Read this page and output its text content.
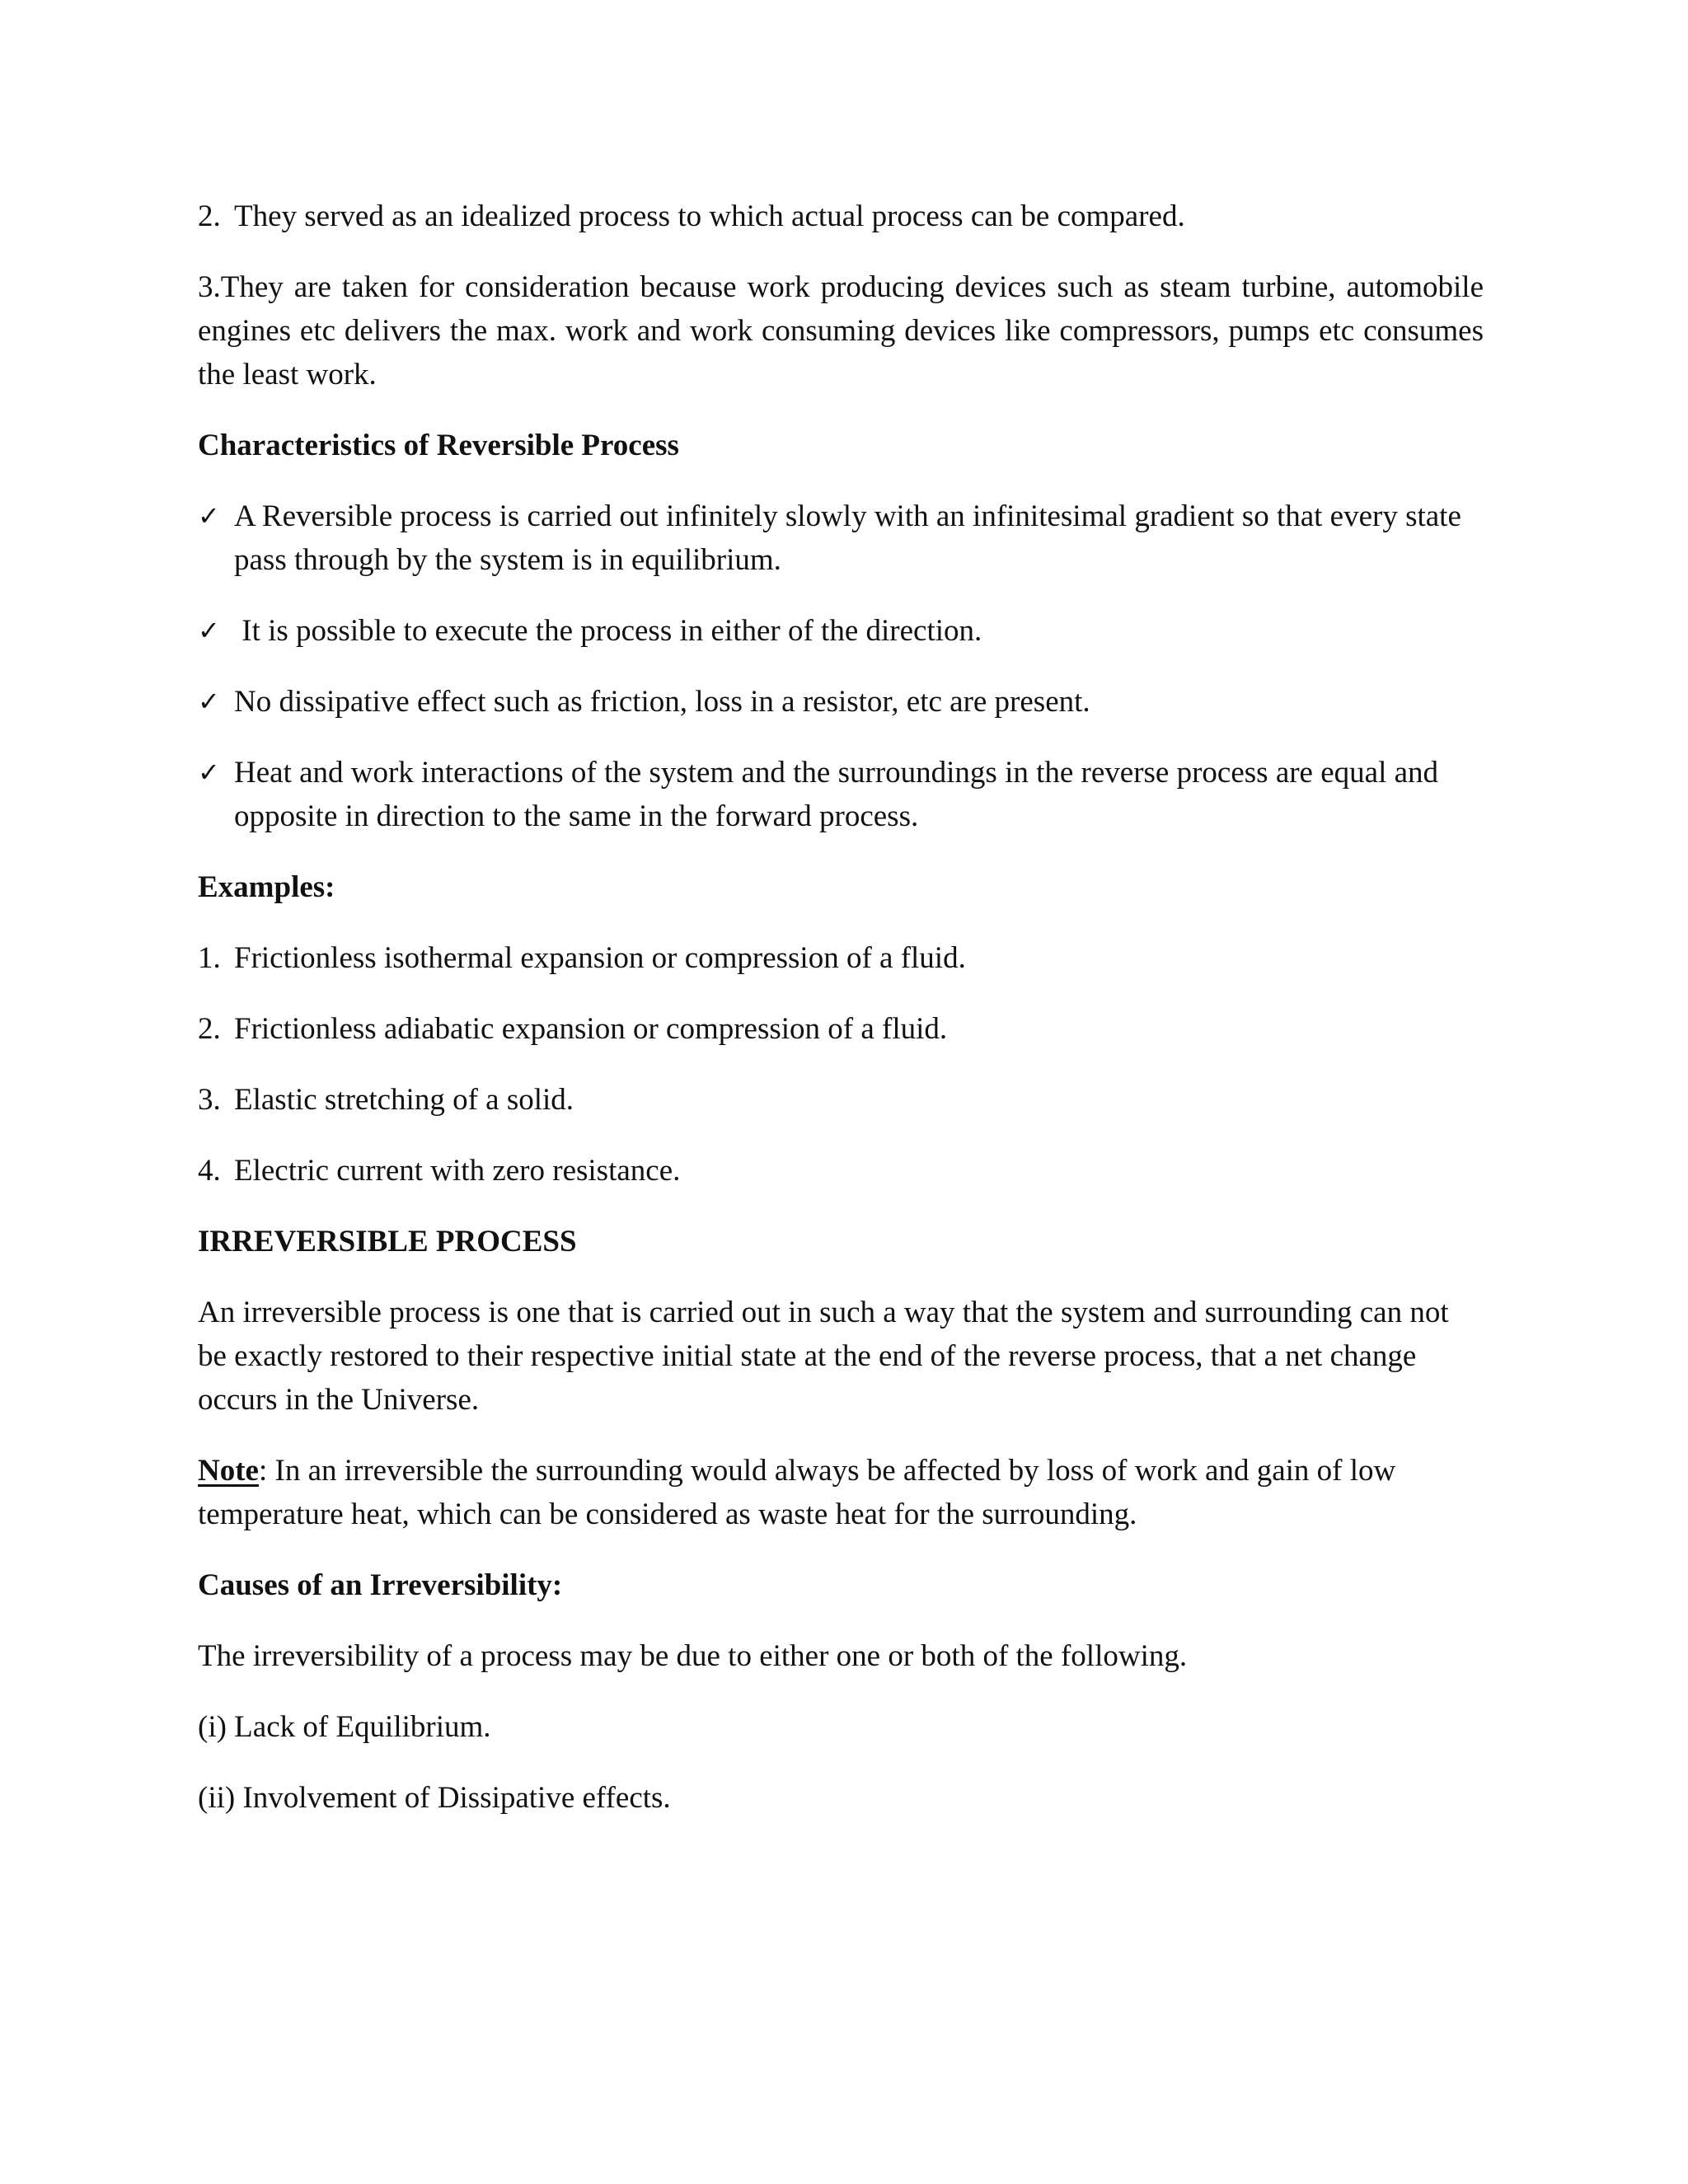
2. They served as an idealized process to which actual process can be compared.
3.They are taken for consideration because work producing devices such as steam turbine, automobile engines etc delivers the max. work and work consuming devices like compressors, pumps etc consumes the least work.
Characteristics of Reversible Process
✓ A Reversible process is carried out infinitely slowly with an infinitesimal gradient so that every state pass through by the system is in equilibrium.
✓ It is possible to execute the process in either of the direction.
✓ No dissipative effect such as friction, loss in a resistor, etc are present.
✓ Heat and work interactions of the system and the surroundings in the reverse process are equal and opposite in direction to the same in the forward process.
Examples:
1. Frictionless isothermal expansion or compression of a fluid.
2. Frictionless adiabatic expansion or compression of a fluid.
3. Elastic stretching of a solid.
4. Electric current with zero resistance.
IRREVERSIBLE PROCESS
An irreversible process is one that is carried out in such a way that the system and surrounding can not be exactly restored to their respective initial state at the end of the reverse process, that a net change occurs in the Universe.
Note: In an irreversible the surrounding would always be affected by loss of work and gain of low temperature heat, which can be considered as waste heat for the surrounding.
Causes of an Irreversibility:
The irreversibility of a process may be due to either one or both of the following.
(i) Lack of Equilibrium.
(ii) Involvement of Dissipative effects.
